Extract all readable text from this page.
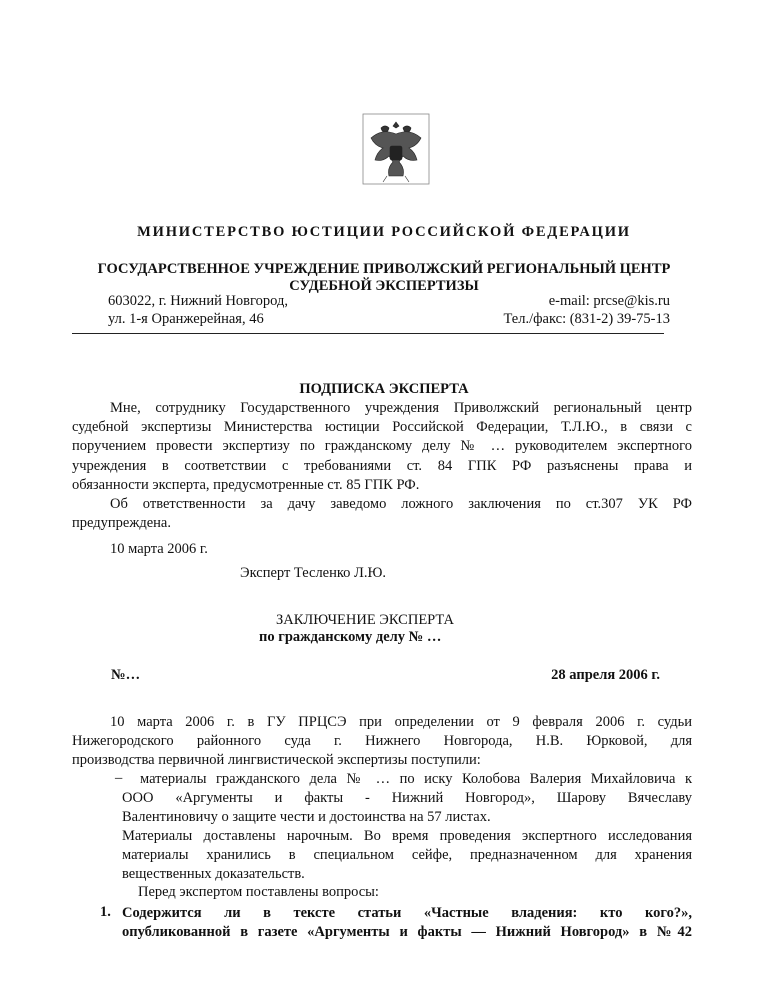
МИНИСТЕРСТВО ЮСТИЦИИ РОССИЙСКОЙ ФЕДЕРАЦИИ
ГОСУДАРСТВЕННОЕ УЧРЕЖДЕНИЕ ПРИВОЛЖСКИЙ РЕГИОНАЛЬНЫЙ ЦЕНТР
СУДЕБНОЙ ЭКСПЕРТИЗЫ
603022, г. Нижний Новгород,
ул. 1-я Оранжерейная, 46
e-mail: prcse@kis.ru
Тел./факс: (831-2) 39-75-13
ПОДПИСКА ЭКСПЕРТА
Мне, сотруднику Государственного учреждения Приволжский региональный центр
судебной экспертизы Министерства юстиции Российской Федерации, Т.Л.Ю., в связи с
поручением провести экспертизу по гражданскому делу № … руководителем экспертного
учреждения в соответствии с требованиями ст. 84 ГПК РФ разъяснены права и
обязанности эксперта, предусмотренные ст. 85 ГПК РФ.
Об ответственности за дачу заведомо ложного заключения по ст.307 УК РФ
предупреждена.
10 марта 2006 г.
Эксперт Тесленко Л.Ю.
ЗАКЛЮЧЕНИЕ ЭКСПЕРТА
по гражданскому делу № …
№…	28 апреля 2006 г.
10 марта 2006 г. в ГУ ПРЦСЭ при определении от 9 февраля 2006 г. судьи
Нижегородского районного суда г. Нижнего Новгорода, Н.В. Юрковой, для
производства первичной лингвистической экспертизы поступили:
–	материалы гражданского дела № … по иску Колобова Валерия Михайловича к
ООО «Аргументы и факты - Нижний Новгород», Шарову Вячеславу
Валентиновичу о защите чести и достоинства на 57 листах.
Материалы доставлены нарочным. Во время проведения экспертного исследования
материалы хранились в специальном сейфе, предназначенном для хранения
вещественных доказательств.
Перед экспертом поставлены вопросы:
1. Содержится ли в тексте статьи «Частные владения: кто кого?»,
опубликованной в газете «Аргументы и факты — Нижний Новгород» в №42
